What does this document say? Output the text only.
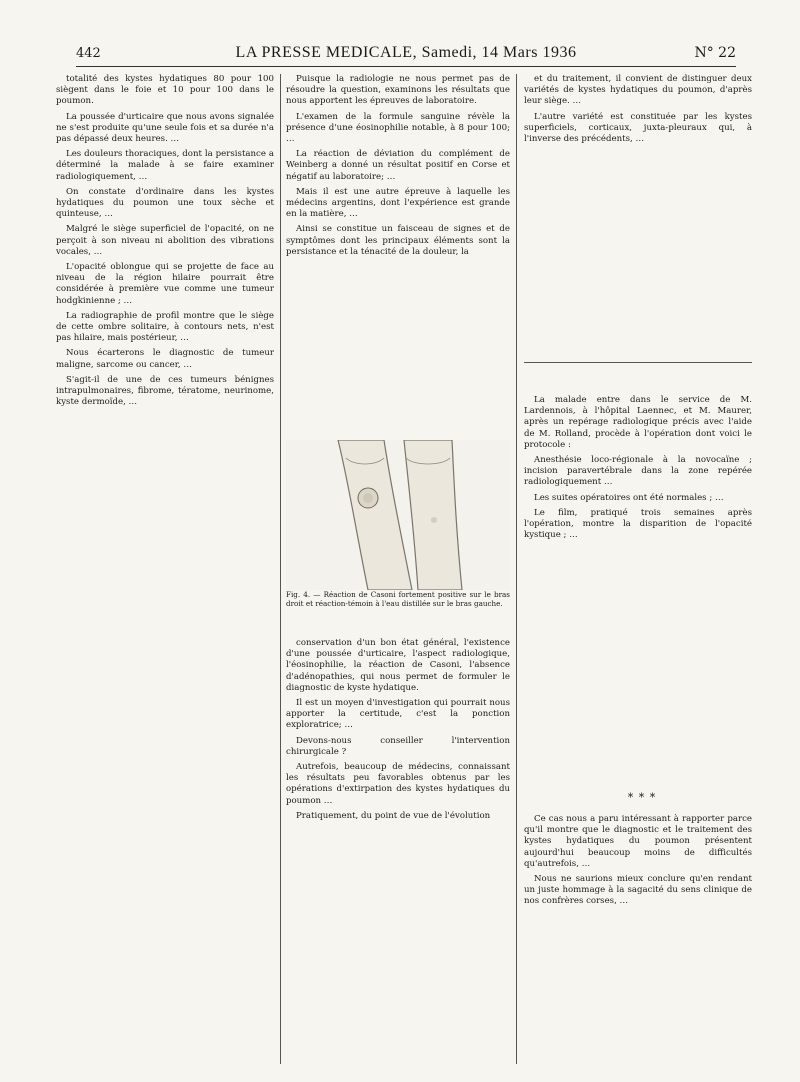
442	LA PRESSE MEDICALE, Samedi, 14 Mars 1936	N° 22

totalité des kystes hydatiques 80 pour 100 siègent dans le foie et 10 pour 100 dans le poumon.

La poussée d'urticaire que nous avons signalée ne s'est produite qu'une seule fois et sa durée n'a pas dépassé deux heures. …

Les douleurs thoraciques, dont la persistance a déterminé la malade à se faire examiner radiologiquement, …

On constate d'ordinaire dans les kystes hydatiques du poumon une toux sèche et quinteuse, …

Malgré le siège superficiel de l'opacité, on ne perçoit à son niveau ni abolition des vibrations vocales, …

L'opacité oblongue qui se projette de face au niveau de la région hilaire pourrait être considérée à première vue comme une tumeur hodgkinienne ; …

La radiographie de profil montre que le siège de cette ombre solitaire, à contours nets, n'est pas hilaire, mais postérieur, …

Nous écarterons le diagnostic de tumeur maligne, sarcome ou cancer, …

S'agit-il de une de ces tumeurs bénignes intrapulmonaires, fibrome, tératome, neurinome, kyste dermoïde, …

Puisque la radiologie ne nous permet pas de résoudre la question, examinons les résultats que nous apportent les épreuves de laboratoire.

L'examen de la formule sanguine révèle la présence d'une éosinophilie notable, à 8 pour 100; …

La réaction de déviation du complément de Weinberg a donné un résultat positif en Corse et négatif au laboratoire; …

Mais il est une autre épreuve à laquelle les médecins argentins, dont l'expérience est grande en la matière, …

Ainsi se constitue un faisceau de signes et de symptômes dont les principaux éléments sont la persistance et la ténacité de la douleur, la

Fig. 4. — Réaction de Casoni fortement positive sur le bras droit et réaction-témoin à l'eau distillée sur le bras gauche.

conservation d'un bon état général, l'existence d'une poussée d'urticaire, l'aspect radiologique, l'éosinophilie, la réaction de Casoni, l'absence d'adénopathies, qui nous permet de formuler le diagnostic de kyste hydatique.

Il est un moyen d'investigation qui pourrait nous apporter la certitude, c'est la ponction exploratrice; …

Devons-nous conseiller l'intervention chirurgicale ?

Autrefois, beaucoup de médecins, connaissant les résultats peu favorables obtenus par les opérations d'extirpation des kystes hydatiques du poumon …

Pratiquement, du point de vue de l'évolution

et du traitement, il convient de distinguer deux variétés de kystes hydatiques du poumon, d'après leur siège. …

L'autre variété est constituée par les kystes superficiels, corticaux, juxta-pleuraux qui, à l'inverse des précédents, …

La malade entre dans le service de M. Lardennois, à l'hôpital Laennec, et M. Maurer, après un repérage radiologique précis avec l'aide de M. Rolland, procède à l'opération dont voici le protocole :

Anesthésie loco-régionale à la novocaïne ; incision paravertébrale dans la zone repérée radiologiquement …

Les suites opératoires ont été normales ; …

Le film, pratiqué trois semaines après l'opération, montre la disparition de l'opacité kystique ; …

* * *

Ce cas nous a paru intéressant à rapporter parce qu'il montre que le diagnostic et le traitement des kystes hydatiques du poumon présentent aujourd'hui beaucoup moins de difficultés qu'autrefois, …

Nous ne saurions mieux conclure qu'en rendant un juste hommage à la sagacité du sens clinique de nos confrères corses, …
